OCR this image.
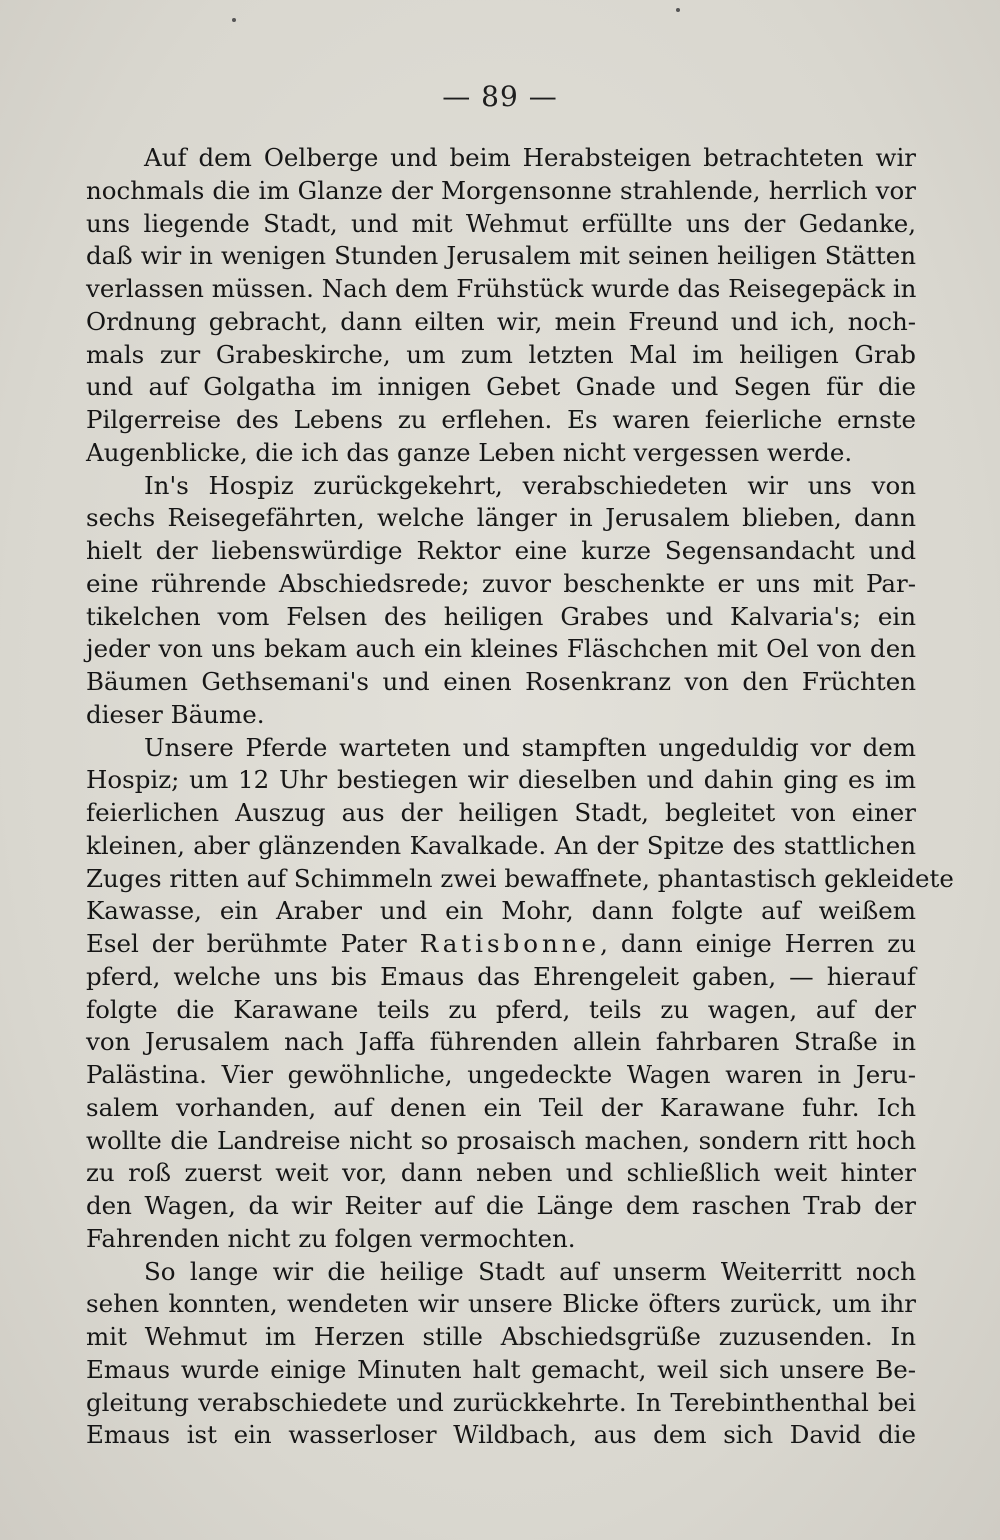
— 89 —
Auf dem Oelberge und beim Herabsteigen betrachteten wir
nochmals die im Glanze der Morgensonne strahlende, herrlich vor
uns liegende Stadt, und mit Wehmut erfüllte uns der Gedanke,
daß wir in wenigen Stunden Jerusalem mit seinen heiligen Stätten
verlassen müssen. Nach dem Frühstück wurde das Reisegepäck in
Ordnung gebracht, dann eilten wir, mein Freund und ich, noch-
mals zur Grabeskirche, um zum letzten Mal im heiligen Grab
und auf Golgatha im innigen Gebet Gnade und Segen für die
Pilgerreise des Lebens zu erflehen. Es waren feierliche ernste
Augenblicke, die ich das ganze Leben nicht vergessen werde.
In's Hospiz zurückgekehrt, verabschiedeten wir uns von
sechs Reisegefährten, welche länger in Jerusalem blieben, dann
hielt der liebenswürdige Rektor eine kurze Segensandacht und
eine rührende Abschiedsrede; zuvor beschenkte er uns mit Par-
tikelchen vom Felsen des heiligen Grabes und Kalvaria's; ein
jeder von uns bekam auch ein kleines Fläschchen mit Oel von den
Bäumen Gethsemani's und einen Rosenkranz von den Früchten
dieser Bäume.
Unsere Pferde warteten und stampften ungeduldig vor dem
Hospiz; um 12 Uhr bestiegen wir dieselben und dahin ging es im
feierlichen Auszug aus der heiligen Stadt, begleitet von einer
kleinen, aber glänzenden Kavalkade. An der Spitze des stattlichen
Zuges ritten auf Schimmeln zwei bewaffnete, phantastisch gekleidete
Kawasse, ein Araber und ein Mohr, dann folgte auf weißem
Esel der berühmte Pater Ratisbonne, dann einige Herren zu
pferd, welche uns bis Emaus das Ehrengeleit gaben, — hierauf
folgte die Karawane teils zu pferd, teils zu wagen, auf der
von Jerusalem nach Jaffa führenden allein fahrbaren Straße in
Palästina. Vier gewöhnliche, ungedeckte Wagen waren in Jeru-
salem vorhanden, auf denen ein Teil der Karawane fuhr. Ich
wollte die Landreise nicht so prosaisch machen, sondern ritt hoch
zu roß zuerst weit vor, dann neben und schließlich weit hinter
den Wagen, da wir Reiter auf die Länge dem raschen Trab der
Fahrenden nicht zu folgen vermochten.
So lange wir die heilige Stadt auf unserm Weiterritt noch
sehen konnten, wendeten wir unsere Blicke öfters zurück, um ihr
mit Wehmut im Herzen stille Abschiedsgrüße zuzusenden. In
Emaus wurde einige Minuten halt gemacht, weil sich unsere Be-
gleitung verabschiedete und zurückkehrte. In Terebinthenthal bei
Emaus ist ein wasserloser Wildbach, aus dem sich David die
